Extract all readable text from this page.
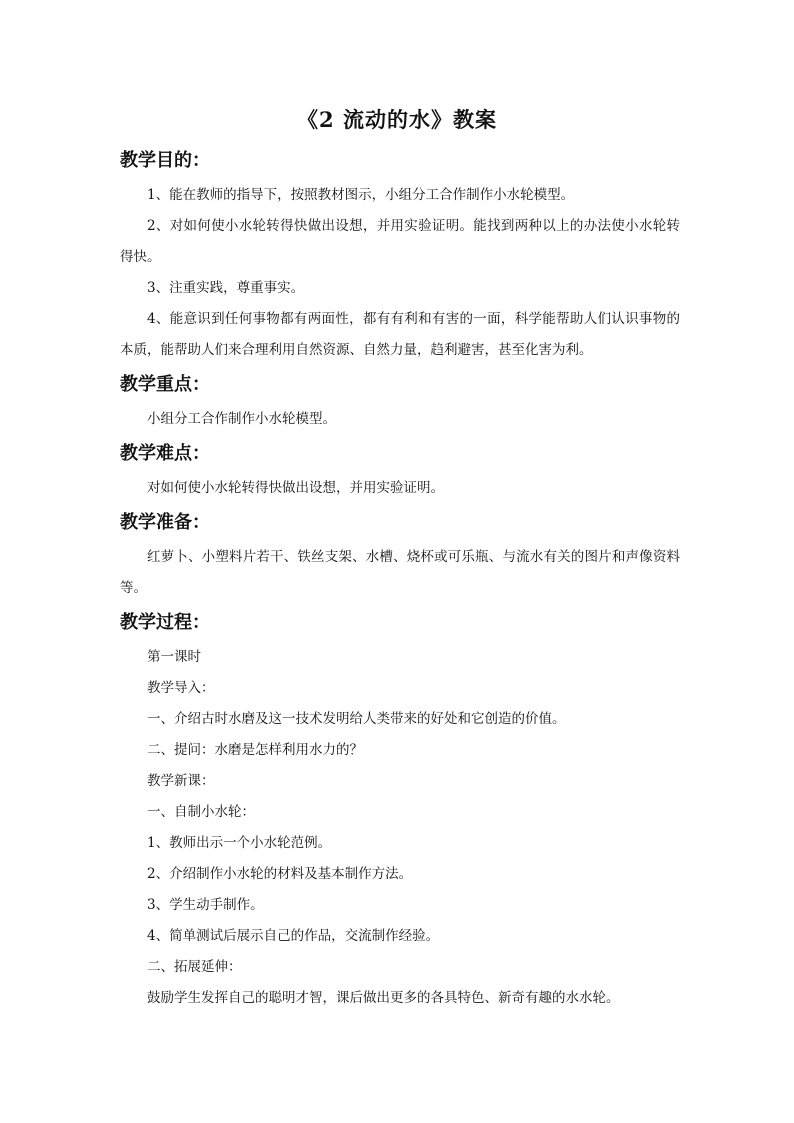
《2 流动的水》教案
教学目的：

1、能在教师的指导下，按照教材图示，小组分工合作制作小水轮模型。

2、对如何使小水轮转得快做出设想，并用实验证明。能找到两种以上的办法使小水轮转得快。

3、注重实践，尊重事实。

4、能意识到任何事物都有两面性，都有有利和有害的一面，科学能帮助人们认识事物的本质，能帮助人们来合理利用自然资源、自然力量，趋利避害，甚至化害为利。

教学重点：

小组分工合作制作小水轮模型。

教学难点：

对如何使小水轮转得快做出设想，并用实验证明。

教学准备：

红萝卜、小塑料片若干、铁丝支架、水槽、烧杯或可乐瓶、与流水有关的图片和声像资料等。

教学过程：

第一课时

教学导入：

一、介绍古时水磨及这一技术发明给人类带来的好处和它创造的价值。

二、提问：水磨是怎样利用水力的？

教学新课：

一、自制小水轮：

1、教师出示一个小水轮范例。

2、介绍制作小水轮的材料及基本制作方法。

3、学生动手制作。

4、简单测试后展示自己的作品，交流制作经验。

二、拓展延伸：

鼓励学生发挥自己的聪明才智，课后做出更多的各具特色、新奇有趣的水水轮。
